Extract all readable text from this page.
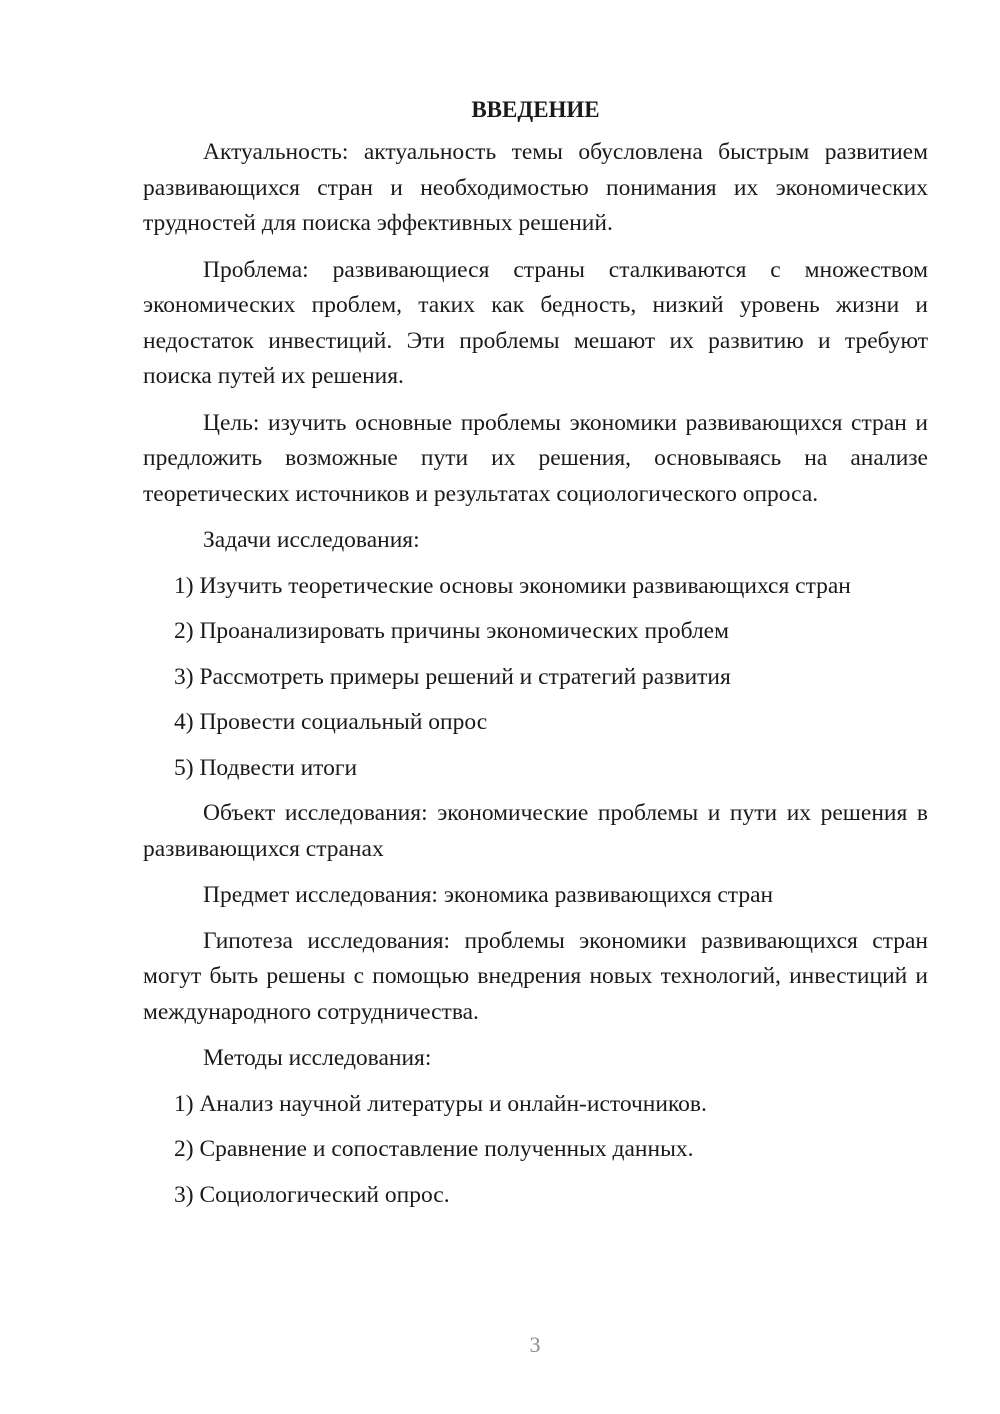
ВВЕДЕНИЕ
Актуальность: актуальность темы обусловлена быстрым развитием развивающихся стран и необходимостью понимания их экономических трудностей для поиска эффективных решений.
Проблема: развивающиеся страны сталкиваются с множеством экономических проблем, таких как бедность, низкий уровень жизни и недостаток инвестиций. Эти проблемы мешают их развитию и требуют поиска путей их решения.
Цель: изучить основные проблемы экономики развивающихся стран и предложить возможные пути их решения, основываясь на анализе теоретических источников и результатах социологического опроса.
Задачи исследования:
1) Изучить теоретические основы экономики развивающихся стран
2) Проанализировать причины экономических проблем
3) Рассмотреть примеры решений и стратегий развития
4) Провести социальный опрос
5) Подвести итоги
Объект исследования: экономические проблемы и пути их решения в развивающихся странах
Предмет исследования: экономика развивающихся стран
Гипотеза исследования: проблемы экономики развивающихся стран могут быть решены с помощью внедрения новых технологий, инвестиций и международного сотрудничества.
Методы исследования:
1) Анализ научной литературы и онлайн-источников.
2) Сравнение и сопоставление полученных данных.
3) Социологический опрос.
3
